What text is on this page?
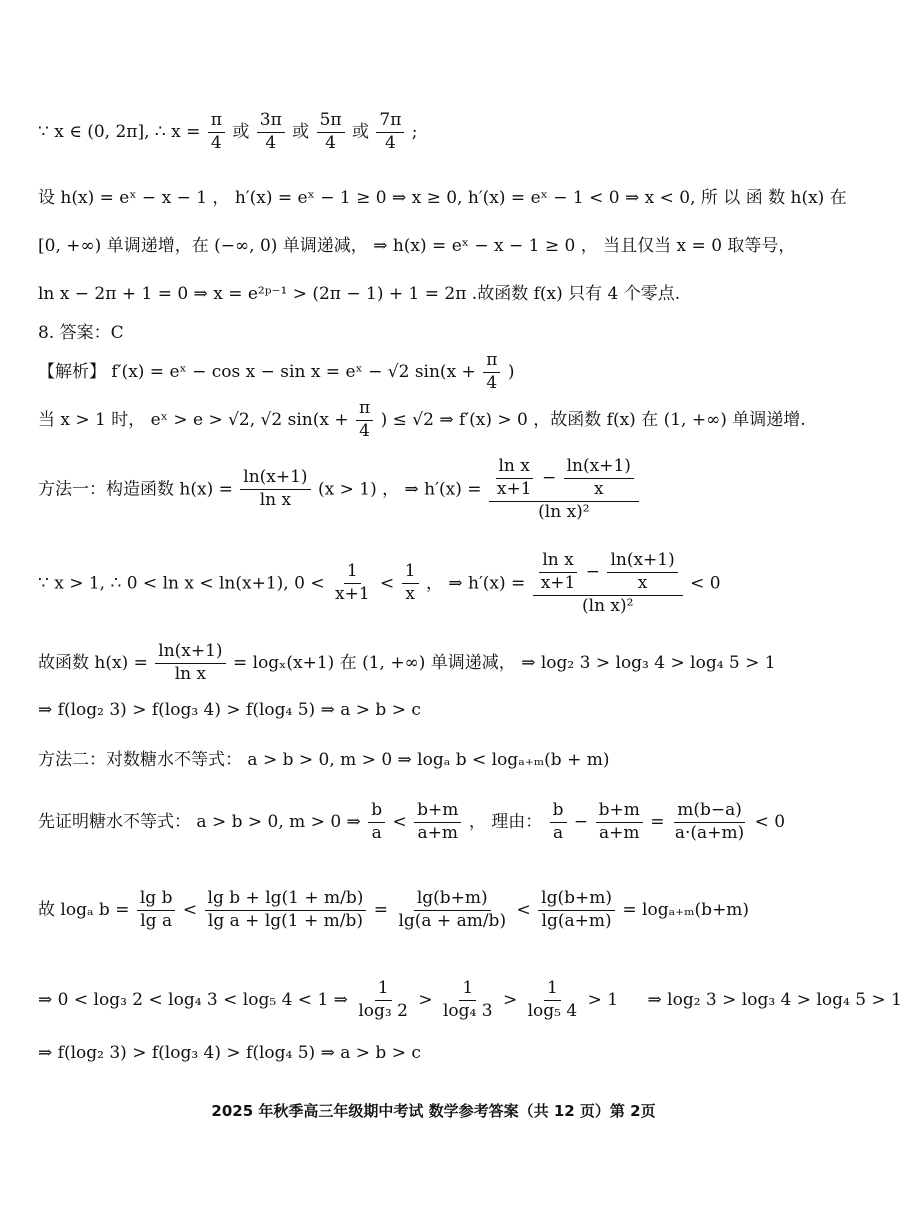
∵ x ∈ (0, 2π], ∴ $x = \frac{\pi}{4}$ 或 $\frac{3\pi}{4}$ 或 $\frac{5\pi}{4}$ 或 $\frac{7\pi}{4}$ ;
设 h(x) = eˣ − x − 1 ， h′(x) = eˣ − 1 ≥ 0 ⇒ x ≥ 0, h′(x) = eˣ − 1 < 0 ⇒ x < 0, 所 以 函 数 h(x) 在
[0, +∞) 单调递增，在 (−∞, 0) 单调递减， ⇒ h(x) = eˣ − x − 1 ≥ 0 ， 当且仅当 x = 0 取等号，
ln x − 2π + 1 = 0 ⇒ x = e²ᵖ⁻¹ > (2π − 1) + 1 = 2π .故函数 f(x) 只有 4 个零点.
8. 答案：C
【解析】 f′(x) = eˣ − cos x − sin x = eˣ − √2 $\sin(x + \frac{\pi}{4}$ )
当 x > 1 时， eˣ > e > √2, √2 $\sin(x + \frac{\pi}{4}$ ) ≤ √2 ⇒ f′(x) > 0 ，故函数 f(x) 在 (1, +∞) 单调递增.
方法一：构造函数 $h(x) = \frac{\ln(x+1)}{\text{ln x}} (x > 1)$ ， ⇒ $h'(x) = \frac{\frac{\text{ln x}}{x+1} - \frac{\ln(x+1)}{x}}{\text{(ln x)²}}$
∵ x > 1, ∴ 0 < ln x < ln(x+1), $0 < \frac{1}{x+1} < \frac{1}{x}$ ， ⇒ $h'(x) = \frac{\frac{\text{ln x}}{x+1} - \frac{\ln(x+1)}{x}}{\text{(ln x)²}} < 0$
故函数 $h(x) = \frac{\ln(x+1)}{\text{ln x}} = \log_x(x+1)$ 在 (1, +∞) 单调递减， ⇒ log₂ 3 > log₃ 4 > log₄ 5 > 1
⇒ f(log₂ 3) > f(log₃ 4) > f(log₄ 5) ⇒ a > b > c
方法二：对数糖水不等式： a > b > 0, m > 0 ⇒ logₐ b < logₐ₊ₘ(b + m)
先证明糖水不等式： a > b > 0, m > 0 ⇒ $\frac{b}{a} < \frac{b+m}{a+m}$ ， 理由： $\frac{b}{a} - \frac{b+m}{a+m} = \frac{m(b-a)}{a\cdot(a+m)} < 0$
故 logₐ $b = \frac{\text{lg b}}{\text{lg a}} < \frac{\text{lg b + lg(1 + m/b)}}{\text{lg a + lg(1 + m/b)}} = \frac{\lg(b+m)}{\lg(a + am/b)} < \frac{\lg(b+m)}{\lg(a+m)} = \log_{a+m}(b+m)$
⇒ 0 < log₃ 2 < log₄ 3 < log₅ 4 < 1 ⇒ $\frac{1}{\text{log₃ 2}} > \frac{1}{\text{log₄ 3}} > \frac{1}{\text{log₅ 4}} > 1$ ⇒ log₂ 3 > log₃ 4 > log₄ 5 > 1
⇒ f(log₂ 3) > f(log₃ 4) > f(log₄ 5) ⇒ a > b > c
2025 年秋季高三年级期中考试 数学参考答案（共 12 页）第 2页
